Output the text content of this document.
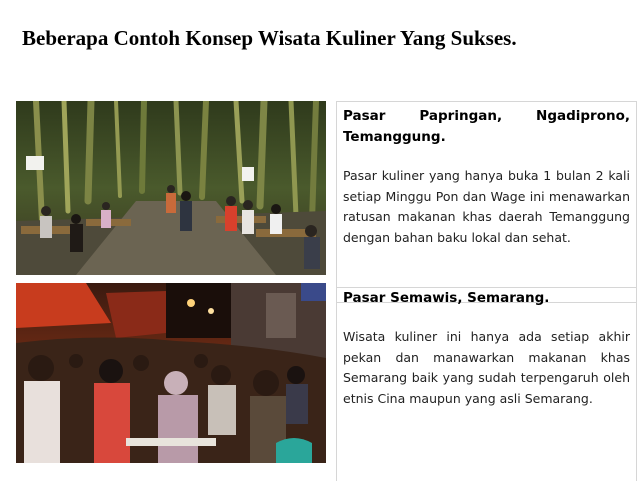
Beberapa Contoh Konsep Wisata Kuliner Yang Sukses.
Pasar Papringan, Ngadiprono,
Temanggung.
Pasar kuliner yang hanya buka 1 bulan 2 kali setiap Minggu Pon dan Wage ini menawarkan ratusan makanan khas daerah Temanggung dengan bahan baku lokal dan sehat.
Pasar Semawis, Semarang.
Wisata kuliner ini hanya ada setiap akhir pekan dan manawarkan makanan khas Semarang baik yang sudah terpengaruh oleh etnis Cina maupun yang asli Semarang.
